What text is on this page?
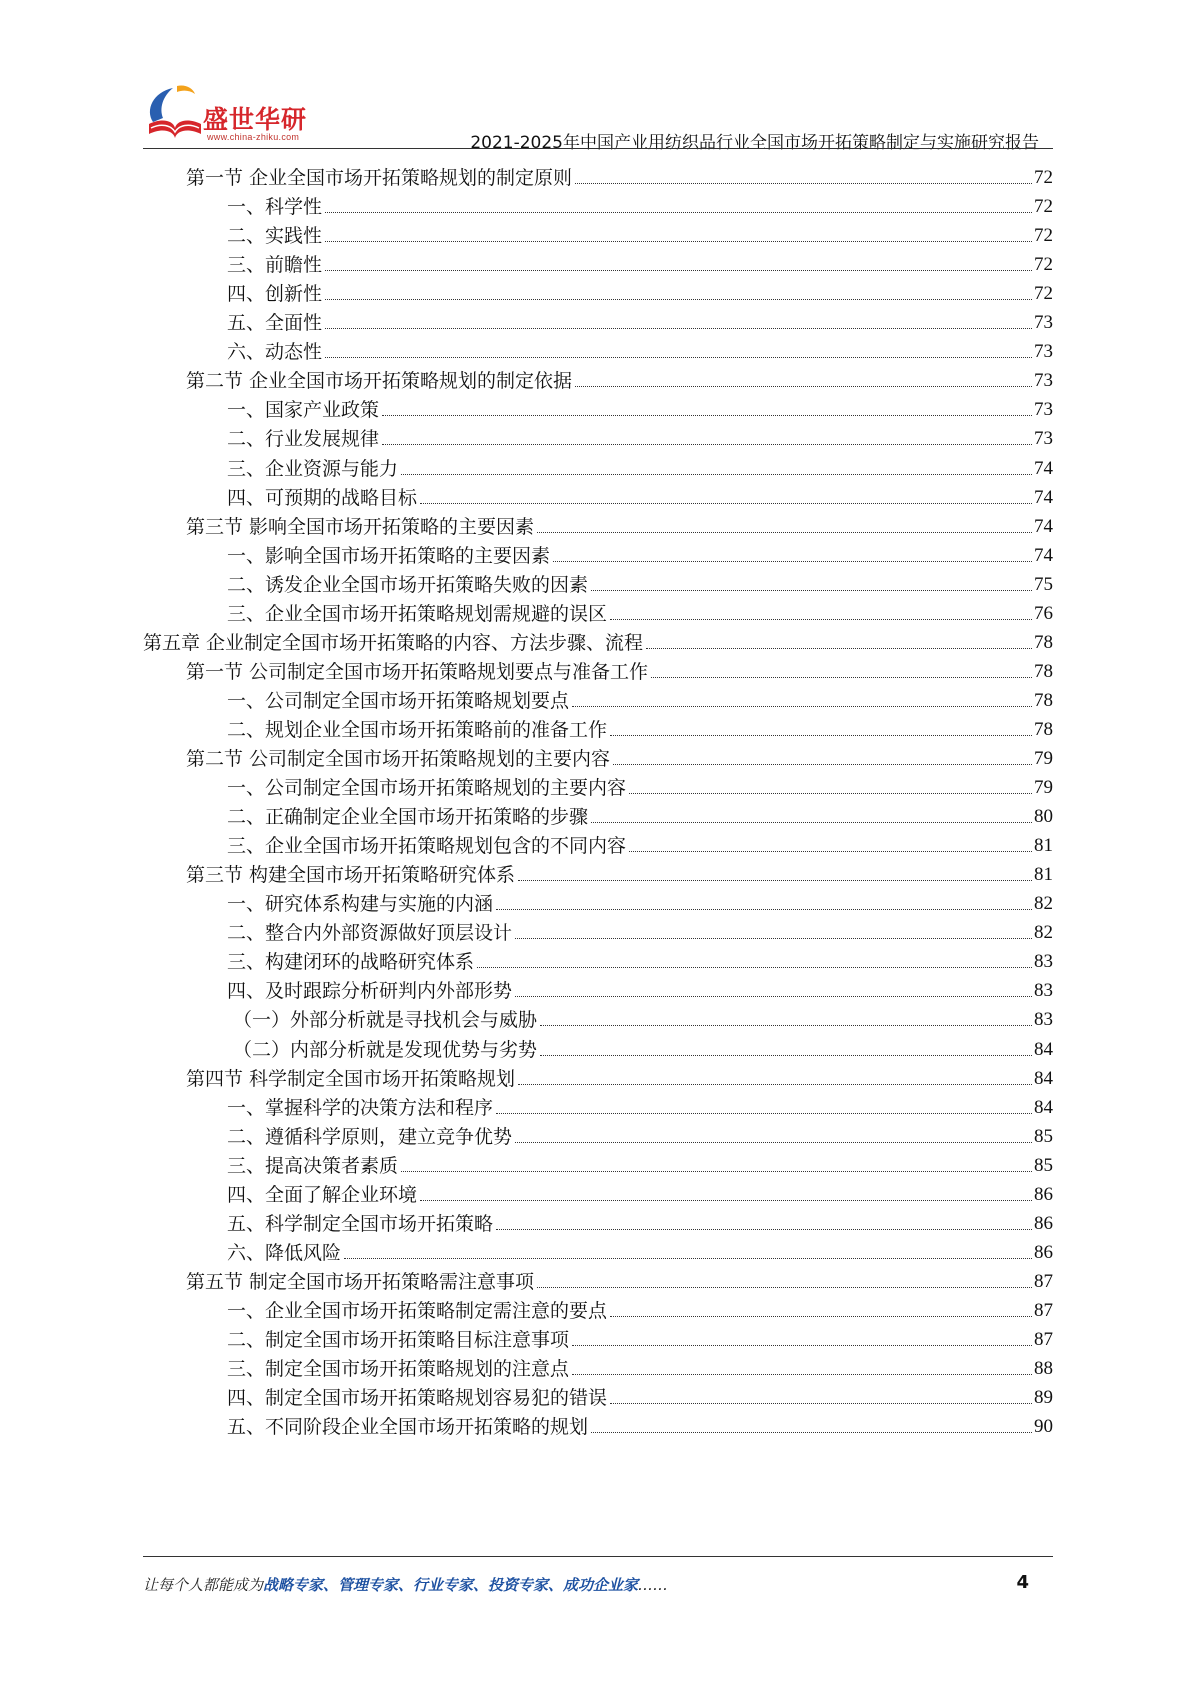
盛世华研
www.china-zhiku.com	2021-2025年中国产业用纺织品行业全国市场开拓策略制定与实施研究报告
第一节 企业全国市场开拓策略规划的制定原则	72
一、科学性	72
二、实践性	72
三、前瞻性	72
四、创新性	72
五、全面性	73
六、动态性	73
第二节 企业全国市场开拓策略规划的制定依据	73
一、国家产业政策	73
二、行业发展规律	73
三、企业资源与能力	74
四、可预期的战略目标	74
第三节 影响全国市场开拓策略的主要因素	74
一、影响全国市场开拓策略的主要因素	74
二、诱发企业全国市场开拓策略失败的因素	75
三、企业全国市场开拓策略规划需规避的误区	76
第五章 企业制定全国市场开拓策略的内容、方法步骤、流程	78
第一节 公司制定全国市场开拓策略规划要点与准备工作	78
一、公司制定全国市场开拓策略规划要点	78
二、规划企业全国市场开拓策略前的准备工作	78
第二节 公司制定全国市场开拓策略规划的主要内容	79
一、公司制定全国市场开拓策略规划的主要内容	79
二、正确制定企业全国市场开拓策略的步骤	80
三、企业全国市场开拓策略规划包含的不同内容	81
第三节 构建全国市场开拓策略研究体系	81
一、研究体系构建与实施的内涵	82
二、整合内外部资源做好顶层设计	82
三、构建闭环的战略研究体系	83
四、及时跟踪分析研判内外部形势	83
（一）外部分析就是寻找机会与威胁	83
（二）内部分析就是发现优势与劣势	84
第四节 科学制定全国市场开拓策略规划	84
一、掌握科学的决策方法和程序	84
二、遵循科学原则，建立竞争优势	85
三、提高决策者素质	85
四、全面了解企业环境	86
五、科学制定全国市场开拓策略	86
六、降低风险	86
第五节 制定全国市场开拓策略需注意事项	87
一、企业全国市场开拓策略制定需注意的要点	87
二、制定全国市场开拓策略目标注意事项	87
三、制定全国市场开拓策略规划的注意点	88
四、制定全国市场开拓策略规划容易犯的错误	89
五、不同阶段企业全国市场开拓策略的规划	90
让每个人都能成为战略专家、管理专家、行业专家、投资专家、成功企业家……	4
